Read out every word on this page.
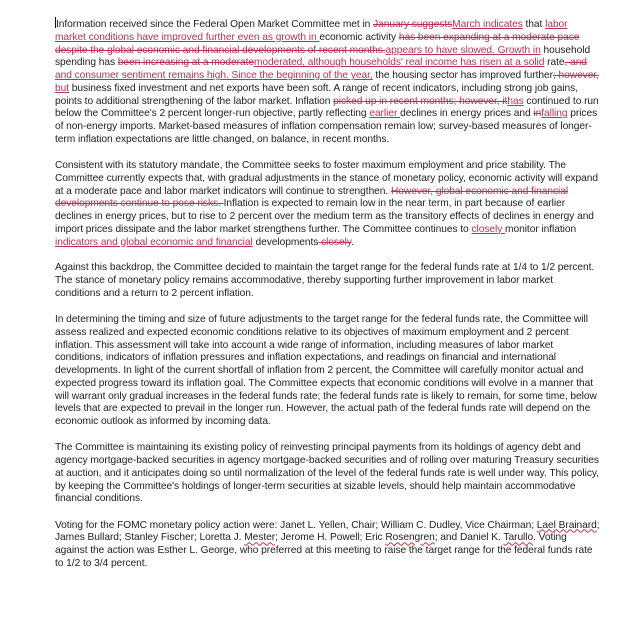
Information received since the Federal Open Market Committee met in January suggestsMarch indicates that labor market conditions have improved further even as growth in economic activity has been expanding at a moderate pace despite the global economic and financial developments of recent months.appears to have slowed. Growth in household spending has been increasing at a moderatemoderated, although households' real income has risen at a solid rate, and and consumer sentiment remains high. Since the beginning of the year, the housing sector has improved further; however, but business fixed investment and net exports have been soft. A range of recent indicators, including strong job gains, points to additional strengthening of the labor market. Inflation picked up in recent months; however, ithas continued to run below the Committee's 2 percent longer-run objective, partly reflecting earlier declines in energy prices and infalling prices of non-energy imports. Market-based measures of inflation compensation remain low; survey-based measures of longer-term inflation expectations are little changed, on balance, in recent months.

Consistent with its statutory mandate, the Committee seeks to foster maximum employment and price stability. The Committee currently expects that, with gradual adjustments in the stance of monetary policy, economic activity will expand at a moderate pace and labor market indicators will continue to strengthen. However, global economic and financial developments continue to pose risks. Inflation is expected to remain low in the near term, in part because of earlier declines in energy prices, but to rise to 2 percent over the medium term as the transitory effects of declines in energy and import prices dissipate and the labor market strengthens further. The Committee continues to closely monitor inflation indicators and global economic and financial developments closely.

Against this backdrop, the Committee decided to maintain the target range for the federal funds rate at 1/4 to 1/2 percent. The stance of monetary policy remains accommodative, thereby supporting further improvement in labor market conditions and a return to 2 percent inflation.

In determining the timing and size of future adjustments to the target range for the federal funds rate, the Committee will assess realized and expected economic conditions relative to its objectives of maximum employment and 2 percent inflation. This assessment will take into account a wide range of information, including measures of labor market conditions, indicators of inflation pressures and inflation expectations, and readings on financial and international developments. In light of the current shortfall of inflation from 2 percent, the Committee will carefully monitor actual and expected progress toward its inflation goal. The Committee expects that economic conditions will evolve in a manner that will warrant only gradual increases in the federal funds rate; the federal funds rate is likely to remain, for some time, below levels that are expected to prevail in the longer run. However, the actual path of the federal funds rate will depend on the economic outlook as informed by incoming data.

The Committee is maintaining its existing policy of reinvesting principal payments from its holdings of agency debt and agency mortgage-backed securities in agency mortgage-backed securities and of rolling over maturing Treasury securities at auction, and it anticipates doing so until normalization of the level of the federal funds rate is well under way. This policy, by keeping the Committee's holdings of longer-term securities at sizable levels, should help maintain accommodative financial conditions.

Voting for the FOMC monetary policy action were: Janet L. Yellen, Chair; William C. Dudley, Vice Chairman; Lael Brainard; James Bullard; Stanley Fischer; Loretta J. Mester; Jerome H. Powell; Eric Rosengren; and Daniel K. Tarullo. Voting against the action was Esther L. George, who preferred at this meeting to raise the target range for the federal funds rate to 1/2 to 3/4 percent.
